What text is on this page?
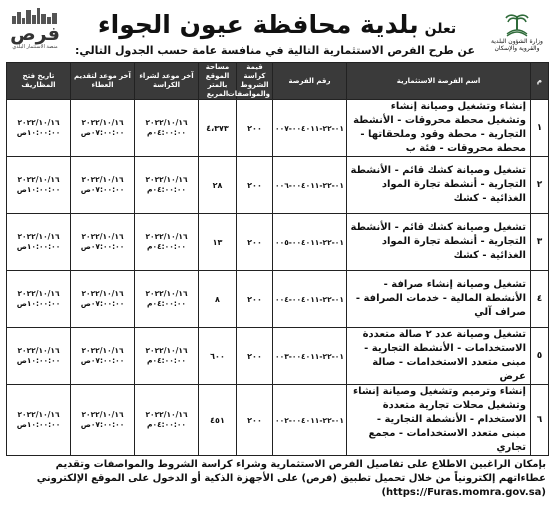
فرص
منصة الاستثمار البلدي
تعلن
بلدية محافظة عيون الجواء
عن طرح الفرص الاستثمارية التالية في منافسة عامة حسب الجدول التالي:
وزارة الشؤون البلدية
والقروية والإسكان
م	اسم الفرصة الاستثمارية	رقم الفرصة	قيمة كراسة الشروط والمواصفات	مساحة الموقع بالمتر المربع	آخر موعد لشراء الكراسة	آخر موعد لتقديم العطاء	تاريخ فتح المظاريف
١	إنشاء وتشغيل وصيانة إنشاء وتشغيل محطة محروقات - الأنشطة التجارية - محطة وقود وملحقاتها - محطة محروقات - فئة ب	٠١-٢٢-٠٠٤٠١١-٠٠٧	٢٠٠	٤،٣٧٣	٢٠٢٢/١٠/١٦
٠٤:٠٠:٠٠م	٢٠٢٢/١٠/١٦
٠٧:٠٠:٠٠ص	٢٠٢٢/١٠/١٦
١٠:٠٠:٠٠ص

٢	تشغيل وصيانة كشك قائم - الأنشطة التجارية - أنشطة تجارة المواد الغذائية - كشك	٠١-٢٢-٠٠٤٠١١-٠٠٦	٢٠٠	٢٨	٢٠٢٢/١٠/١٦
٠٤:٠٠:٠٠م	٢٠٢٢/١٠/١٦
٠٧:٠٠:٠٠ص	٢٠٢٢/١٠/١٦
١٠:٠٠:٠٠ص

٣	تشغيل وصيانة كشك قائم - الأنشطة التجارية - أنشطة تجارة المواد الغذائية - كشك	٠١-٢٢-٠٠٤٠١١-٠٠٥	٢٠٠	١٣	٢٠٢٢/١٠/١٦
٠٤:٠٠:٠٠م	٢٠٢٢/١٠/١٦
٠٧:٠٠:٠٠ص	٢٠٢٢/١٠/١٦
١٠:٠٠:٠٠ص

٤	تشغيل وصيانة إنشاء صرافة - الأنشطة المالية - خدمات الصرافة - صراف آلي	٠١-٢٢-٠٠٤٠١١-٠٠٤	٢٠٠	٨	٢٠٢٢/١٠/١٦
٠٤:٠٠:٠٠م	٢٠٢٢/١٠/١٦
٠٧:٠٠:٠٠ص	٢٠٢٢/١٠/١٦
١٠:٠٠:٠٠ص

٥	تشغيل وصيانة عدد ٢ صالة متعددة الاستخدامات - الأنشطة التجارية - مبنى متعدد الاستخدامات - صالة عرض	٠١-٢٢-٠٠٤٠١١-٠٠٣	٢٠٠	٦٠٠	٢٠٢٢/١٠/١٦
٠٤:٠٠:٠٠م	٢٠٢٢/١٠/١٦
٠٧:٠٠:٠٠ص	٢٠٢٢/١٠/١٦
١٠:٠٠:٠٠ص

٦	إنشاء وترميم وتشغيل وصيانة إنشاء وتشغيل محلات تجارية متعددة الاستخدام - الأنشطة التجارية - مبنى متعدد الاستخدامات - مجمع تجاري	٠١-٢٢-٠٠٤٠١١-٠٠٢	٢٠٠	٤٥١	٢٠٢٢/١٠/١٦
٠٤:٠٠:٠٠م	٢٠٢٢/١٠/١٦
٠٧:٠٠:٠٠ص	٢٠٢٢/١٠/١٦
١٠:٠٠:٠٠ص
بإمكان الراغبين الاطلاع على تفاصيل الفرص الاستثمارية وشراء كراسة الشروط والمواصفات وتقديم عطاءاتهم إلكترونياً من خلال تحميل تطبيق (فرص) على الأجهزة الذكية أو الدخول على الموقع الإلكتروني (https://Furas.momra.gov.sa)
